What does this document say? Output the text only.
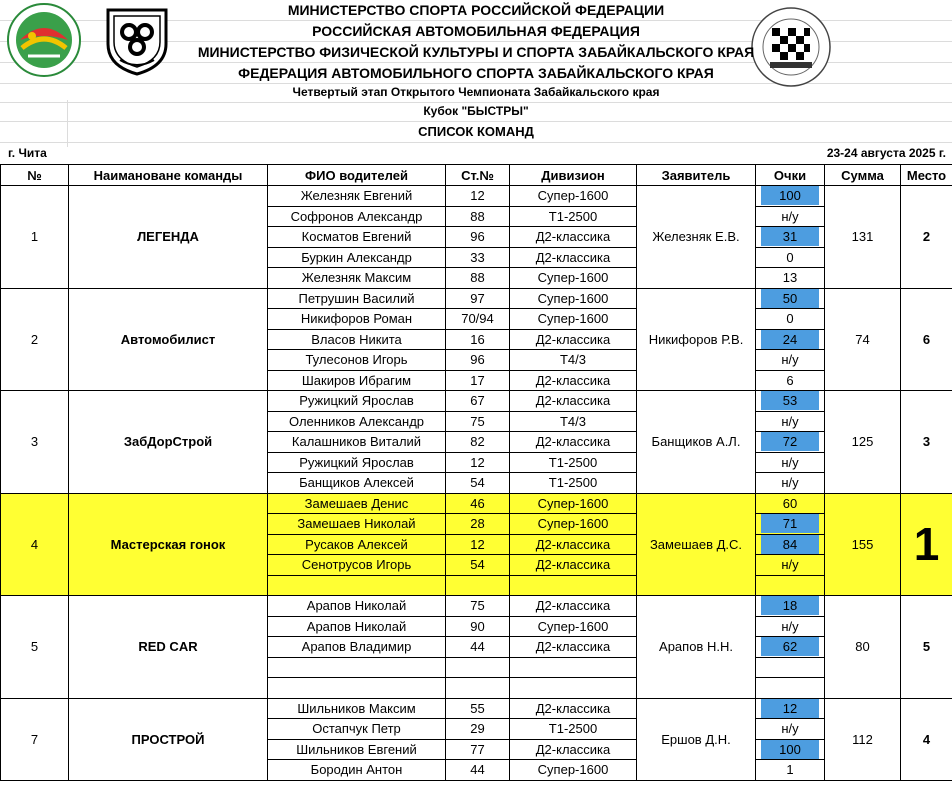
МИНИСТЕРСТВО СПОРТА РОССИЙСКОЙ ФЕДЕРАЦИИ
РОССИЙСКАЯ АВТОМОБИЛЬНАЯ ФЕДЕРАЦИЯ
МИНИСТЕРСТВО ФИЗИЧЕСКОЙ КУЛЬТУРЫ И СПОРТА ЗАБАЙКАЛЬСКОГО КРАЯ
ФЕДЕРАЦИЯ АВТОМОБИЛЬНОГО СПОРТА ЗАБАЙКАЛЬСКОГО КРАЯ
Четвертый этап Открытого Чемпионата Забайкальского края
Кубок "БЫСТРЫ"
СПИСОК КОМАНД
г. Чита	23-24 августа 2025 г.
№	Наимановане команды	ФИО водителей	Ст.№	Дивизион	Заявитель	Очки	Сумма	Место
1	ЛЕГЕНДА	Железняк Евгений	12	Супер-1600	Железняк Е.В.	100	131	2
		Софронов Александр	88	Т1-2500		н/у		

		Косматов Евгений	96	Д2-классика		31		

		Буркин Александр	33	Д2-классика		0		

		Железняк Максим	88	Супер-1600		13		

2	Автомобилист	Петрушин Василий	97	Супер-1600	Никифоров Р.В.	50	74	6
		Никифоров Роман	70/94	Супер-1600		0		

		Власов Никита	16	Д2-классика		24		

		Тулесонов Игорь	96	Т4/3		н/у		

		Шакиров Ибрагим	17	Д2-классика		6		

3	ЗабДорСтрой	Ружицкий Ярослав	67	Д2-классика	Банщиков А.Л.	53	125	3
		Оленников Александр	75	Т4/3		н/у		

		Калашников Виталий	82	Д2-классика		72		

		Ружицкий Ярослав	12	Т1-2500		н/у		

		Банщиков Алексей	54	Т1-2500		н/у		

4	Мастерская гонок	Замешаев Денис	46	Супер-1600	Замешаев Д.С.	60	155	1
		Замешаев Николай	28	Супер-1600		71		

		Русаков Алексей	12	Д2-классика		84		

		Сенотрусов Игорь	54	Д2-классика		н/у		

5	RED CAR	Арапов Николай	75	Д2-классика	Арапов Н.Н.	18	80	5
		Арапов Николай	90	Супер-1600		н/у		

		Арапов Владимир	44	Д2-классика		62		

7	ПРОСТРОЙ	Шильников Максим	55	Д2-классика	Ершов Д.Н.	12	112	4
		Остапчук Петр	29	Т1-2500		н/у		

		Шильников Евгений	77	Д2-классика		100		

		Бородин Антон	44	Супер-1600		1		
